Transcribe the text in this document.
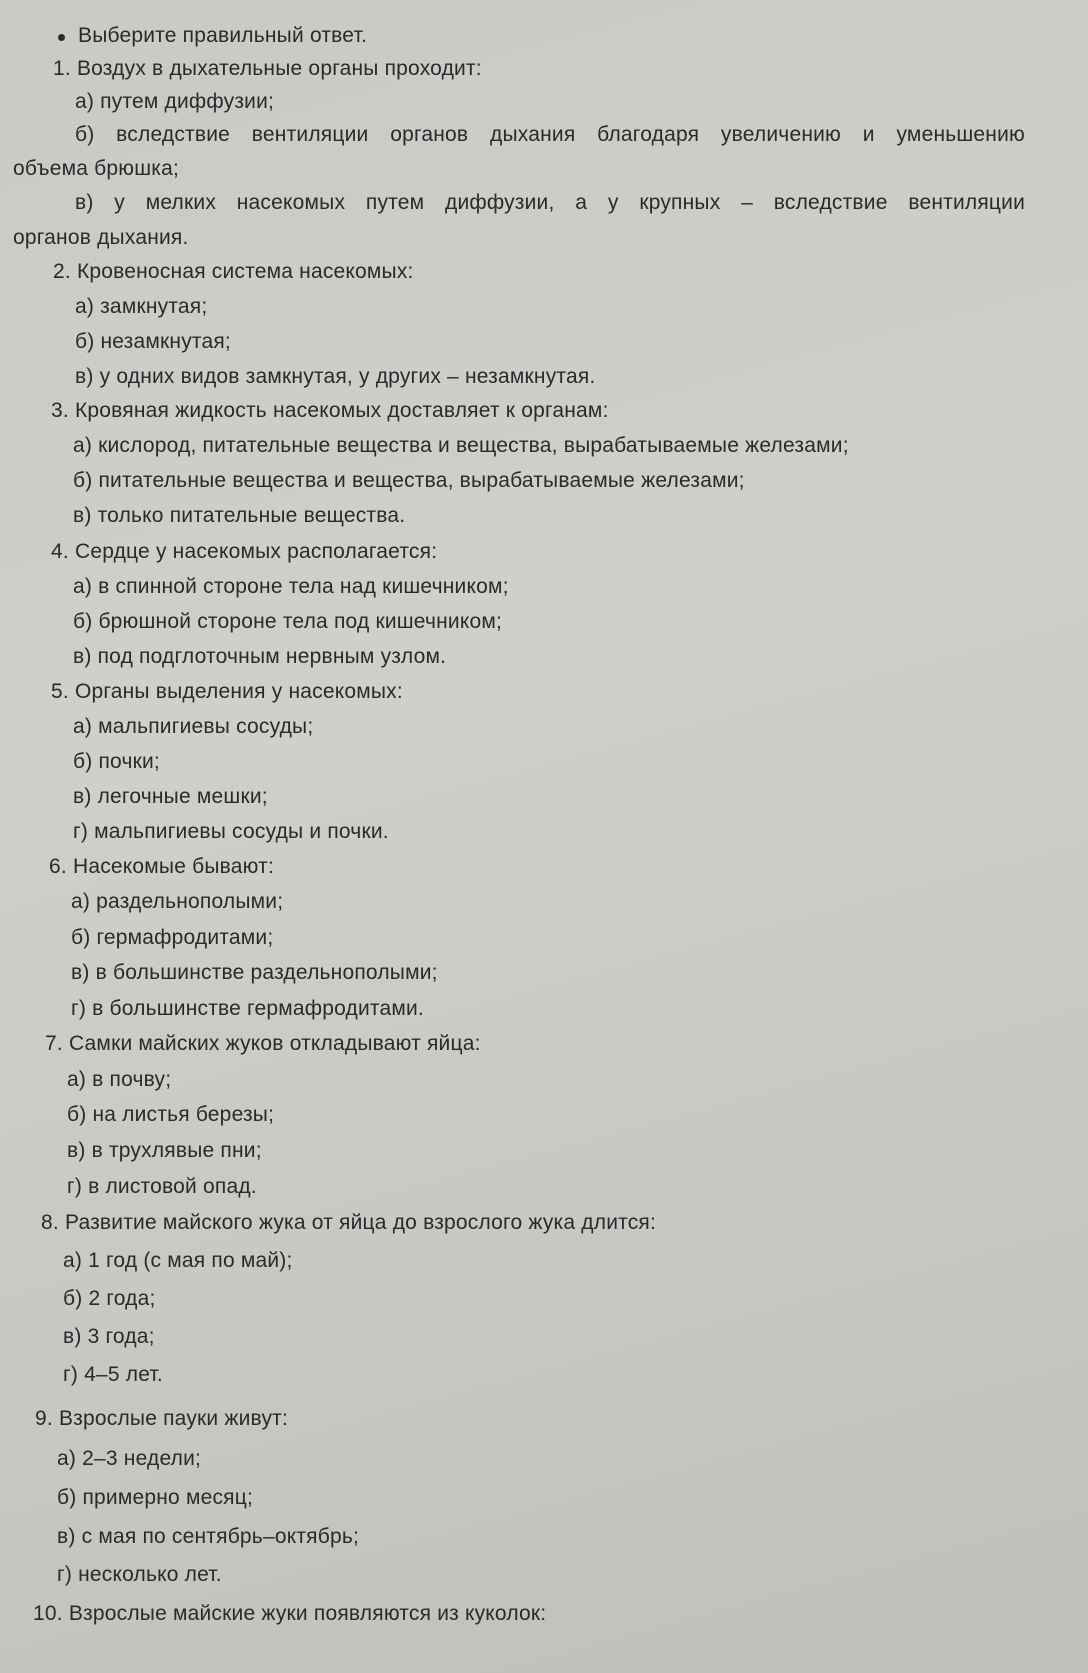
Выберите правильный ответ.
1. Воздух в дыхательные органы проходит:
а) путем диффузии;
б) вследствие вентиляции органов дыхания благодаря увеличению и уменьшению
объема брюшка;
в) у мелких насекомых путем диффузии, а у крупных – вследствие вентиляции
органов дыхания.
2. Кровеносная система насекомых:
а) замкнутая;
б) незамкнутая;
в) у одних видов замкнутая, у других – незамкнутая.
3. Кровяная жидкость насекомых доставляет к органам:
а) кислород, питательные вещества и вещества, вырабатываемые железами;
б) питательные вещества и вещества, вырабатываемые железами;
в) только питательные вещества.
4. Сердце у насекомых располагается:
а) в спинной стороне тела над кишечником;
б) брюшной стороне тела под кишечником;
в) под подглоточным нервным узлом.
5. Органы выделения у насекомых:
а) мальпигиевы сосуды;
б) почки;
в) легочные мешки;
г) мальпигиевы сосуды и почки.
6. Насекомые бывают:
а) раздельнополыми;
б) гермафродитами;
в) в большинстве раздельнополыми;
г) в большинстве гермафродитами.
7. Самки майских жуков откладывают яйца:
а) в почву;
б) на листья березы;
в) в трухлявые пни;
г) в листовой опад.
8. Развитие майского жука от яйца до взрослого жука длится:
а) 1 год (с мая по май);
б) 2 года;
в) 3 года;
г) 4–5 лет.
9. Взрослые пауки живут:
а) 2–3 недели;
б) примерно месяц;
в) с мая по сентябрь–октябрь;
г) несколько лет.
10. Взрослые майские жуки появляются из куколок:
